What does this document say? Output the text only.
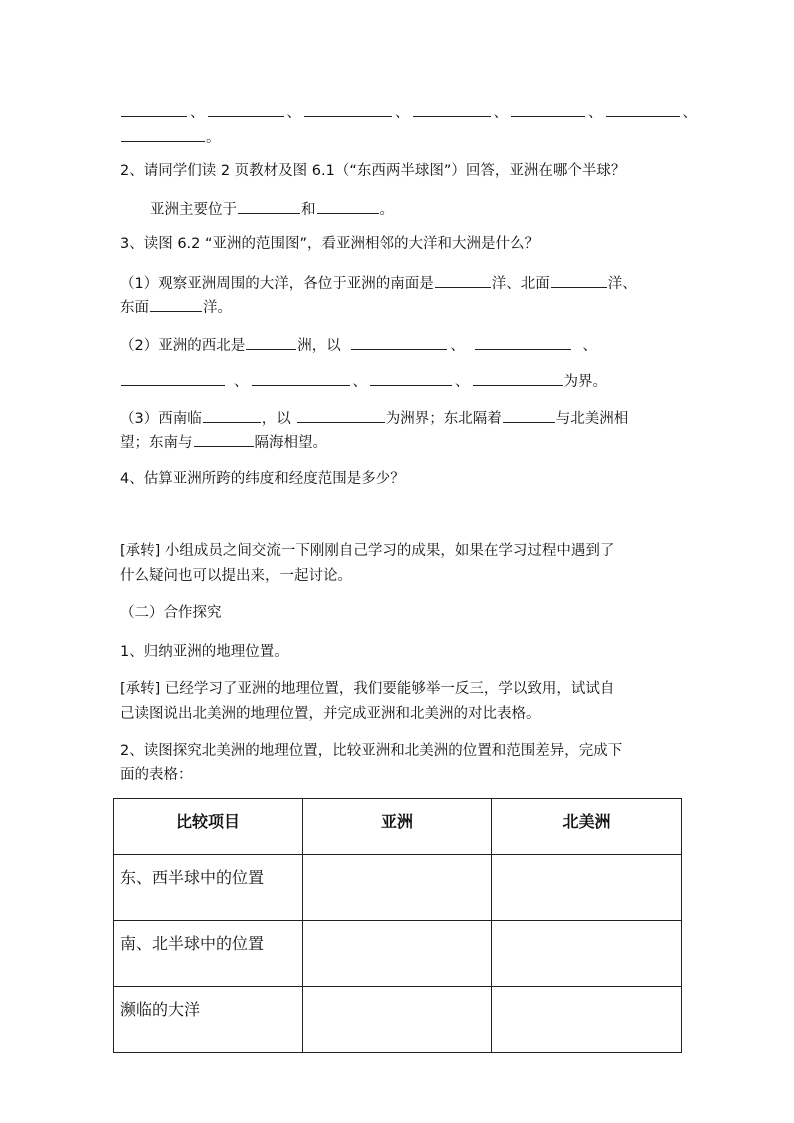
、	、	、	、	、	、
。
2、请同学们读 2 页教材及图 6.1（“东西两半球图”）回答，亚洲在哪个半球？
亚洲主要位于	和	。
3、读图 6.2 “亚洲的范围图”，看亚洲相邻的大洋和大洲是什么？
（1）观察亚洲周围的大洋，各位于亚洲的南面是	洋、北面	洋、
东面	洋。
（2）亚洲的西北是	洲，以	、	、
、	、	、	为界。
（3）西南临	，以	为洲界；东北隔着	与北美洲相
望；东南与	隔海相望。
4、估算亚洲所跨的纬度和经度范围是多少？
[承转] 小组成员之间交流一下刚刚自己学习的成果，如果在学习过程中遇到了
什么疑问也可以提出来，一起讨论。
（二）合作探究
1、归纳亚洲的地理位置。
[承转] 已经学习了亚洲的地理位置，我们要能够举一反三，学以致用，试试自
己读图说出北美洲的地理位置，并完成亚洲和北美洲的对比表格。
2、读图探究北美洲的地理位置，比较亚洲和北美洲的位置和范围差异，完成下
面的表格：
比较项目	亚洲	北美洲
东、西半球中的位置		
南、北半球中的位置		
濒临的大洋		
